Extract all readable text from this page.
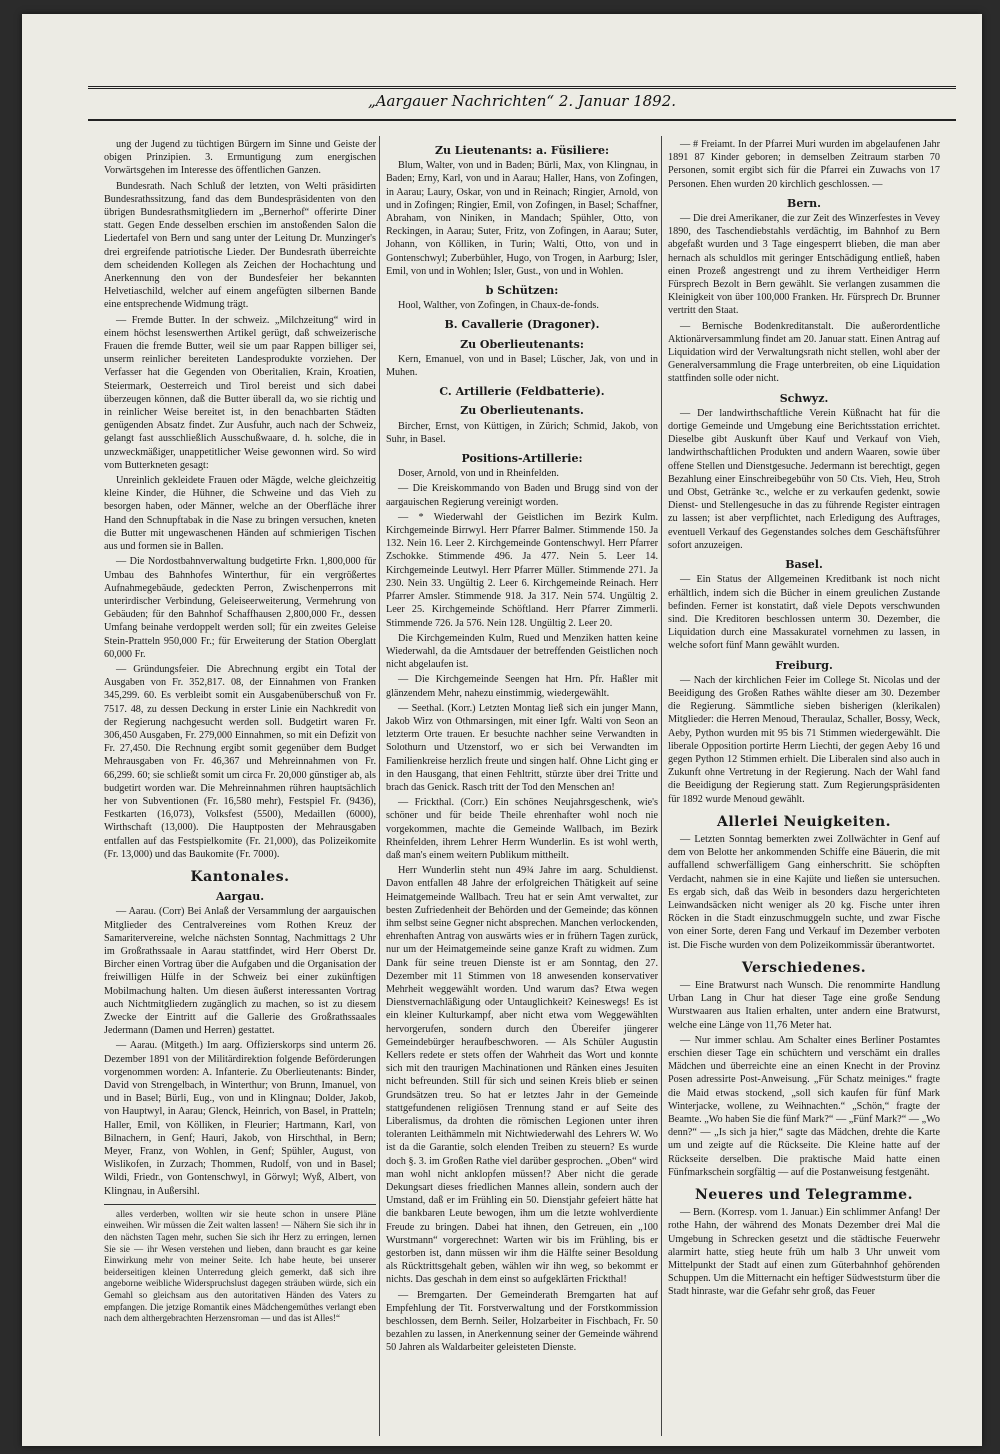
„Aargauer Nachrichten“ 2. Januar 1892.

ung der Jugend zu tüchtigen Bürgern im Sinne und Geiste der obigen Prinzipien. 3. Ermuntigung zum energischen Vorwärtsgehen im Interesse des öffentlichen Ganzen.

Bundesrath. Nach Schluß der letzten, von Welti präsidirten Bundesrathssitzung, fand das dem Bundespräsidenten von den übrigen Bundesrathsmitgliedern im „Bernerhof“ offerirte Diner statt. Gegen Ende desselben erschien im anstoßenden Salon die Liedertafel von Bern und sang unter der Leitung Dr. Munzinger's drei ergreifende patriotische Lieder. Der Bundesrath überreichte dem scheidenden Kollegen als Zeichen der Hochachtung und Anerkennung den von der Bundesfeier her bekannten Helvetiaschild, welcher auf einem angefügten silbernen Bande eine entsprechende Widmung trägt.

— Fremde Butter. In der schweiz. „Milchzeitung“ wird in einem höchst lesenswerthen Artikel gerügt, daß schweizerische Frauen die fremde Butter, weil sie um paar Rappen billiger sei, unserm reinlicher bereiteten Landesprodukte vorziehen. Der Verfasser hat die Gegenden von Oberitalien, Krain, Kroatien, Steiermark, Oesterreich und Tirol bereist und sich dabei überzeugen können, daß die Butter überall da, wo sie richtig und in reinlicher Weise bereitet ist, in den benachbarten Städten genügenden Absatz findet. Zur Ausfuhr, auch nach der Schweiz, gelangt fast ausschließlich Ausschußwaare, d. h. solche, die in unzweckmäßiger, unappetitlicher Weise gewonnen wird. So wird vom Butterkneten gesagt:

Unreinlich gekleidete Frauen oder Mägde, welche gleichzeitig kleine Kinder, die Hühner, die Schweine und das Vieh zu besorgen haben, oder Männer, welche an der Oberfläche ihrer Hand den Schnupftabak in die Nase zu bringen versuchen, kneten die Butter mit ungewaschenen Händen auf schmierigen Tischen aus und formen sie in Ballen.

— Die Nordostbahnverwaltung budgetirte Frkn. 1,800,000 für Umbau des Bahnhofes Winterthur, für ein vergrößertes Aufnahmegebäude, gedeckten Perron, Zwischenperrons mit unterirdischer Verbindung, Geleiseerweiterung, Vermehrung von Gebäuden; für den Bahnhof Schaffhausen 2,800,000 Fr., dessen Umfang beinahe verdoppelt werden soll; für ein zweites Geleise Stein-Pratteln 950,000 Fr.; für Erweiterung der Station Oberglatt 60,000 Fr.

— Gründungsfeier. Die Abrechnung ergibt ein Total der Ausgaben von Fr. 352,817. 08, der Einnahmen von Franken 345,299. 60. Es verbleibt somit ein Ausgabenüberschuß von Fr. 7517. 48, zu dessen Deckung in erster Linie ein Nachkredit von der Regierung nachgesucht werden soll. Budgetirt waren Fr. 306,450 Ausgaben, Fr. 279,000 Einnahmen, so mit ein Defizit von Fr. 27,450. Die Rechnung ergibt somit gegenüber dem Budget Mehrausgaben von Fr. 46,367 und Mehreinnahmen von Fr. 66,299. 60; sie schließt somit um circa Fr. 20,000 günstiger ab, als budgetirt worden war. Die Mehreinnahmen rühren hauptsächlich her von Subventionen (Fr. 16,580 mehr), Festspiel Fr. (9436), Festkarten (16,073), Volksfest (5500), Medaillen (6000), Wirthschaft (13,000). Die Hauptposten der Mehrausgaben entfallen auf das Festspielkomite (Fr. 21,000), das Polizeikomite (Fr. 13,000) und das Baukomite (Fr. 7000).

Kantonales.
Aargau.

— Aarau. (Corr) Bei Anlaß der Versammlung der aargauischen Mitglieder des Centralvereines vom Rothen Kreuz der Samaritervereine, welche nächsten Sonntag, Nachmittags 2 Uhr im Großrathssaale in Aarau stattfindet, wird Herr Oberst Dr. Bircher einen Vortrag über die Aufgaben und die Organisation der freiwilligen Hülfe in der Schweiz bei einer zukünftigen Mobilmachung halten. Um diesen äußerst interessanten Vortrag auch Nichtmitgliedern zugänglich zu machen, so ist zu diesem Zwecke der Eintritt auf die Gallerie des Großrathssaales Jedermann (Damen und Herren) gestattet.

— Aarau. (Mitgeth.) Im aarg. Offizierskorps sind unterm 26. Dezember 1891 von der Militärdirektion folgende Beförderungen vorgenommen worden: A. Infanterie. Zu Oberlieutenants: Binder, David von Strengelbach, in Winterthur; von Brunn, Imanuel, von und in Basel; Bürli, Eug., von und in Klingnau; Dolder, Jakob, von Hauptwyl, in Aarau; Glenck, Heinrich, von Basel, in Pratteln; Haller, Emil, von Kölliken, in Fleurier; Hartmann, Karl, von Bilnachern, in Genf; Hauri, Jakob, von Hirschthal, in Bern; Meyer, Franz, von Wohlen, in Genf; Spühler, August, von Wislikofen, in Zurzach; Thommen, Rudolf, von und in Basel; Wildi, Friedr., von Gontenschwyl, in Görwyl; Wyß, Albert, von Klingnau, in Außersihl.

alles verderben, wollten wir sie heute schon in unsere Pläne einweihen. Wir müssen die Zeit walten lassen! — Nähern Sie sich ihr in den nächsten Tagen mehr, suchen Sie sich ihr Herz zu erringen, lernen Sie sie — ihr Wesen verstehen und lieben, dann braucht es gar keine Einwirkung mehr von meiner Seite. Ich habe heute, bei unserer beiderseitigen kleinen Unterredung gleich gemerkt, daß sich ihre angeborne weibliche Widerspruchslust dagegen sträuben würde, sich ein Gemahl so gleichsam aus den autoritativen Händen des Vaters zu empfangen. Die jetzige Romantik eines Mädchengemüthes verlangt eben nach dem althergebrachten Herzensroman — und das ist Alles!“

Zu Lieutenants: a. Füsiliere:

Blum, Walter, von und in Baden; Bürli, Max, von Klingnau, in Baden; Erny, Karl, von und in Aarau; Haller, Hans, von Zofingen, in Aarau; Laury, Oskar, von und in Reinach; Ringier, Arnold, von und in Zofingen; Ringier, Emil, von Zofingen, in Basel; Schaffner, Abraham, von Niniken, in Mandach; Spühler, Otto, von Reckingen, in Aarau; Suter, Fritz, von Zofingen, in Aarau; Suter, Johann, von Kölliken, in Turin; Walti, Otto, von und in Gontenschwyl; Zuberbühler, Hugo, von Trogen, in Aarburg; Isler, Emil, von und in Wohlen; Isler, Gust., von und in Wohlen.

b Schützen:

Hool, Walther, von Zofingen, in Chaux-de-fonds.

B. Cavallerie (Dragoner).
Zu Oberlieutenants:

Kern, Emanuel, von und in Basel; Lüscher, Jak, von und in Muhen.

C. Artillerie (Feldbatterie).
Zu Oberlieutenants.

Bircher, Ernst, von Küttigen, in Zürich; Schmid, Jakob, von Suhr, in Basel.

Positions-Artillerie:

Doser, Arnold, von und in Rheinfelden.

— Die Kreiskommando von Baden und Brugg sind von der aargauischen Regierung vereinigt worden.

— * Wiederwahl der Geistlichen im Bezirk Kulm. Kirchgemeinde Birrwyl. Herr Pfarrer Balmer. Stimmende 150. Ja 132. Nein 16. Leer 2. Kirchgemeinde Gontenschwyl. Herr Pfarrer Zschokke. Stimmende 496. Ja 477. Nein 5. Leer 14. Kirchgemeinde Leutwyl. Herr Pfarrer Müller. Stimmende 271. Ja 230. Nein 33. Ungültig 2. Leer 6. Kirchgemeinde Reinach. Herr Pfarrer Amsler. Stimmende 918. Ja 317. Nein 574. Ungültig 2. Leer 25. Kirchgemeinde Schöftland. Herr Pfarrer Zimmerli. Stimmende 726. Ja 576. Nein 128. Ungültig 2. Leer 20.

Die Kirchgemeinden Kulm, Rued und Menziken hatten keine Wiederwahl, da die Amtsdauer der betreffenden Geistlichen noch nicht abgelaufen ist.

— Die Kirchgemeinde Seengen hat Hrn. Pfr. Haßler mit glänzendem Mehr, nahezu einstimmig, wiedergewählt.

— Seethal. (Korr.) Letzten Montag ließ sich ein junger Mann, Jakob Wirz von Othmarsingen, mit einer Igfr. Walti von Seon an letzterm Orte trauen. Er besuchte nachher seine Verwandten in Solothurn und Utzenstorf, wo er sich bei Verwandten im Familienkreise herzlich freute und singen half. Ohne Licht ging er in den Hausgang, that einen Fehltritt, stürzte über drei Tritte und brach das Genick. Rasch tritt der Tod den Menschen an!

— Frickthal. (Corr.) Ein schönes Neujahrsgeschenk, wie's schöner und für beide Theile ehrenhafter wohl noch nie vorgekommen, machte die Gemeinde Wallbach, im Bezirk Rheinfelden, ihrem Lehrer Herrn Wunderlin. Es ist wohl werth, daß man's einem weitern Publikum mittheilt.

Herr Wunderlin steht nun 49¾ Jahre im aarg. Schuldienst. Davon entfallen 48 Jahre der erfolgreichen Thätigkeit auf seine Heimatgemeinde Wallbach. Treu hat er sein Amt verwaltet, zur besten Zufriedenheit der Behörden und der Gemeinde; das können ihm selbst seine Gegner nicht absprechen. Manchen verlockenden, ehrenhaften Antrag von auswärts wies er in frühern Tagen zurück, nur um der Heimatgemeinde seine ganze Kraft zu widmen. Zum Dank für seine treuen Dienste ist er am Sonntag, den 27. Dezember mit 11 Stimmen von 18 anwesenden konservativer Mehrheit weggewählt worden. Und warum das? Etwa wegen Dienstvernachläßigung oder Untauglichkeit? Keineswegs! Es ist ein kleiner Kulturkampf, aber nicht etwa vom Weggewählten hervorgerufen, sondern durch den Übereifer jüngerer Gemeindebürger heraufbeschworen. — Als Schüler Augustin Kellers redete er stets offen der Wahrheit das Wort und konnte sich mit den traurigen Machinationen und Ränken eines Jesuiten nicht befreunden. Still für sich und seinen Kreis blieb er seinen Grundsätzen treu. So hat er letztes Jahr in der Gemeinde stattgefundenen religiösen Trennung stand er auf Seite des Liberalismus, da drohten die römischen Legionen unter ihren toleranten Leithämmeln mit Nichtwiederwahl des Lehrers W. Wo ist da die Garantie, solch elenden Treiben zu steuern? Es wurde doch §. 3. im Großen Rathe viel darüber gesprochen. „Oben“ wird man wohl nicht anklopfen müssen!? Aber nicht die gerade Dekungsart dieses friedlichen Mannes allein, sondern auch der Umstand, daß er im Frühling ein 50. Dienstjahr gefeiert hätte hat die bankbaren Leute bewogen, ihm um die letzte wohlverdiente Freude zu bringen. Dabei hat ihnen, den Getreuen, ein „100 Wurstmann“ vorgerechnet: Warten wir bis im Frühling, bis er gestorben ist, dann müssen wir ihm die Hälfte seiner Besoldung als Rücktrittsgehalt geben, wählen wir ihn weg, so bekommt er nichts. Das geschah in dem einst so aufgeklärten Frickthal!

— Bremgarten. Der Gemeinderath Bremgarten hat auf Empfehlung der Tit. Forstverwaltung und der Forstkommission beschlossen, dem Bernh. Seiler, Holzarbeiter in Fischbach, Fr. 50 bezahlen zu lassen, in Anerkennung seiner der Gemeinde während 50 Jahren als Waldarbeiter geleisteten Dienste.

— # Freiamt. In der Pfarrei Muri wurden im abgelaufenen Jahr 1891 87 Kinder geboren; in demselben Zeitraum starben 70 Personen, somit ergibt sich für die Pfarrei ein Zuwachs von 17 Personen. Ehen wurden 20 kirchlich geschlossen. —

Bern.

— Die drei Amerikaner, die zur Zeit des Winzerfestes in Vevey 1890, des Taschendiebstahls verdächtig, im Bahnhof zu Bern abgefaßt wurden und 3 Tage eingesperrt blieben, die man aber hernach als schuldlos mit geringer Entschädigung entließ, haben einen Prozeß angestrengt und zu ihrem Vertheidiger Herrn Fürsprech Bezolt in Bern gewählt. Sie verlangen zusammen die Kleinigkeit von über 100,000 Franken. Hr. Fürsprech Dr. Brunner vertritt den Staat.

— Bernische Bodenkreditanstalt. Die außerordentliche Aktionärversammlung findet am 20. Januar statt. Einen Antrag auf Liquidation wird der Verwaltungsrath nicht stellen, wohl aber der Generalversammlung die Frage unterbreiten, ob eine Liquidation stattfinden solle oder nicht.

Schwyz.

— Der landwirthschaftliche Verein Küßnacht hat für die dortige Gemeinde und Umgebung eine Berichtsstation errichtet. Dieselbe gibt Auskunft über Kauf und Verkauf von Vieh, landwirthschaftlichen Produkten und andern Waaren, sowie über offene Stellen und Dienstgesuche. Jedermann ist berechtigt, gegen Bezahlung einer Einschreibegebühr von 50 Cts. Vieh, Heu, Stroh und Obst, Getränke ꝛc., welche er zu verkaufen gedenkt, sowie Dienst- und Stellengesuche in das zu führende Register eintragen zu lassen; ist aber verpflichtet, nach Erledigung des Auftrages, eventuell Verkauf des Gegenstandes solches dem Geschäftsführer sofort anzuzeigen.

Basel.

— Ein Status der Allgemeinen Kreditbank ist noch nicht erhältlich, indem sich die Bücher in einem greulichen Zustande befinden. Ferner ist konstatirt, daß viele Depots verschwunden sind. Die Kreditoren beschlossen unterm 30. Dezember, die Liquidation durch eine Massakuratel vornehmen zu lassen, in welche sofort fünf Mann gewählt wurden.

Freiburg.

— Nach der kirchlichen Feier im College St. Nicolas und der Beeidigung des Großen Rathes wählte dieser am 30. Dezember die Regierung. Sämmtliche sieben bisherigen (klerikalen) Mitglieder: die Herren Menoud, Theraulaz, Schaller, Bossy, Weck, Aeby, Python wurden mit 95 bis 71 Stimmen wiedergewählt. Die liberale Opposition portirte Herrn Liechti, der gegen Aeby 16 und gegen Python 12 Stimmen erhielt. Die Liberalen sind also auch in Zukunft ohne Vertretung in der Regierung. Nach der Wahl fand die Beeidigung der Regierung statt. Zum Regierungspräsidenten für 1892 wurde Menoud gewählt.

Allerlei Neuigkeiten.

— Letzten Sonntag bemerkten zwei Zollwächter in Genf auf dem von Belotte her ankommenden Schiffe eine Bäuerin, die mit auffallend schwerfälligem Gang einherschritt. Sie schöpften Verdacht, nahmen sie in eine Kajüte und ließen sie untersuchen. Es ergab sich, daß das Weib in besonders dazu hergerichteten Leinwandsäcken nicht weniger als 20 kg. Fische unter ihren Röcken in die Stadt einzuschmuggeln suchte, und zwar Fische von einer Sorte, deren Fang und Verkauf im Dezember verboten ist. Die Fische wurden von dem Polizeikommissär überantwortet.

Verschiedenes.

— Eine Bratwurst nach Wunsch. Die renommirte Handlung Urban Lang in Chur hat dieser Tage eine große Sendung Wurstwaaren aus Italien erhalten, unter andern eine Bratwurst, welche eine Länge von 11,76 Meter hat.

— Nur immer schlau. Am Schalter eines Berliner Postamtes erschien dieser Tage ein schüchtern und verschämt ein dralles Mädchen und überreichte eine an einen Knecht in der Provinz Posen adressirte Post-Anweisung. „Für Schatz meiniges.“ fragte die Maid etwas stockend, „soll sich kaufen für fünf Mark Winterjacke, wollene, zu Weihnachten.“ „Schön,“ fragte der Beamte. „Wo haben Sie die fünf Mark?“ — „Fünf Mark?“ — „Wo denn?“ — „Is sich ja hier,“ sagte das Mädchen, drehte die Karte um und zeigte auf die Rückseite. Die Kleine hatte auf der Rückseite derselben. Die praktische Maid hatte einen Fünfmarkschein sorgfältig — auf die Postanweisung festgenäht.

Neueres und Telegramme.

— Bern. (Korresp. vom 1. Januar.) Ein schlimmer Anfang! Der rothe Hahn, der während des Monats Dezember drei Mal die Umgebung in Schrecken gesetzt und die städtische Feuerwehr alarmirt hatte, stieg heute früh um halb 3 Uhr unweit vom Mittelpunkt der Stadt auf einen zum Güterbahnhof gehörenden Schuppen. Um die Mitternacht ein heftiger Südweststurm über die Stadt hinraste, war die Gefahr sehr groß, das Feuer
